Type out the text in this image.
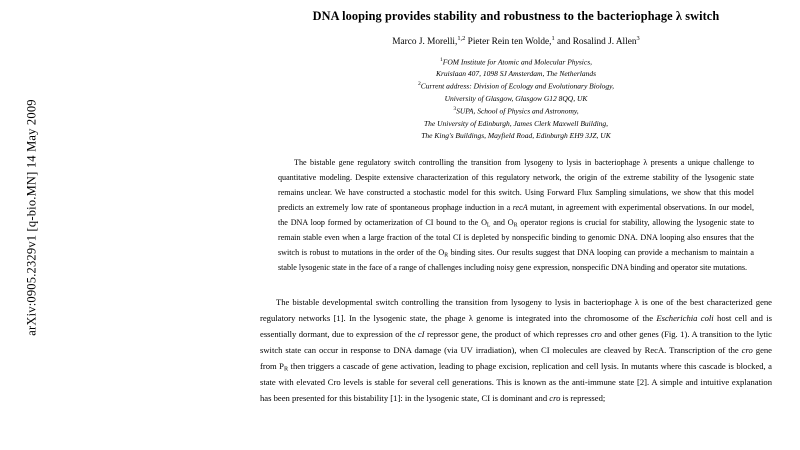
arXiv:0905.2329v1 [q-bio.MN] 14 May 2009
DNA looping provides stability and robustness to the bacteriophage λ switch
Marco J. Morelli,$^{1,2}$ Pieter Rein ten Wolde,$^1$ and Rosalind J. Allen$^3$
$^1$FOM Institute for Atomic and Molecular Physics,
Kruislaan 407, 1098 SJ Amsterdam, The Netherlands
$^2$Current address: Division of Ecology and Evolutionary Biology,
University of Glasgow, Glasgow G12 8QQ, UK
$^3$SUPA, School of Physics and Astronomy,
The University of Edinburgh, James Clerk Maxwell Building,
The King's Buildings, Mayfield Road, Edinburgh EH9 3JZ, UK
The bistable gene regulatory switch controlling the transition from lysogeny to lysis in bacteriophage λ presents a unique challenge to quantitative modeling. Despite extensive characterization of this regulatory network, the origin of the extreme stability of the lysogenic state remains unclear. We have constructed a stochastic model for this switch. Using Forward Flux Sampling simulations, we show that this model predicts an extremely low rate of spontaneous prophage induction in a recA mutant, in agreement with experimental observations. In our model, the DNA loop formed by octamerization of CI bound to the $O_L$ and $O_R$ operator regions is crucial for stability, allowing the lysogenic state to remain stable even when a large fraction of the total CI is depleted by nonspecific binding to genomic DNA. DNA looping also ensures that the switch is robust to mutations in the order of the $O_R$ binding sites. Our results suggest that DNA looping can provide a mechanism to maintain a stable lysogenic state in the face of a range of challenges including noisy gene expression, nonspecific DNA binding and operator site mutations.
The bistable developmental switch controlling the transition from lysogeny to lysis in bacteriophage λ is one of the best characterized gene regulatory networks [1]. In the lysogenic state, the phage λ genome is integrated into the chromosome of the Escherichia coli host cell and is essentially dormant, due to expression of the cI repressor gene, the product of which represses cro and other genes (Fig. 1). A transition to the lytic switch state can occur in response to DNA damage (via UV irradiation), when CI molecules are cleaved by RecA. Transcription of the cro gene from $P_R$ then triggers a cascade of gene activation, leading to phage excision, replication and cell lysis. In mutants where this cascade is blocked, a state with elevated Cro levels is stable for several cell generations. This is known as the anti-immune state [2]. A simple and intuitive explanation has been presented for this bistability [1]: in the lysogenic state, CI is dominant and cro is repressed;
